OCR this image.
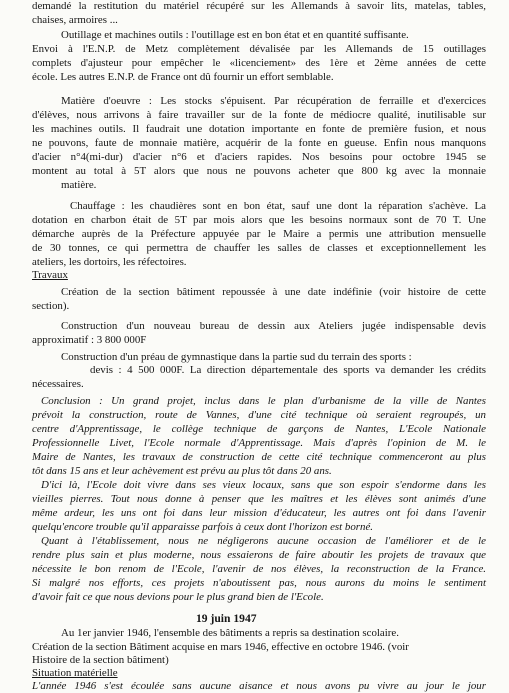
demandé la restitution du matériel récupéré sur les Allemands à savoir lits, matelas, tables,
chaises, armoires ...
Outillage et machines outils : l'outillage est en bon état et en quantité suffisante.
Envoi à l'E.N.P. de Metz complètement dévalisée par les Allemands de 15 outillages
complets d'ajusteur pour empêcher le «licenciement» des 1ère et 2ème années de cette
école. Les autres E.N.P. de France ont dû fournir un effort semblable.
Matière d'oeuvre : Les stocks s'épuisent. Par récupération de ferraille et d'exercices
d'élèves, nous arrivons à faire travailler sur de la fonte de médiocre qualité, inutilisable sur
les machines outils. Il faudrait une dotation importante en fonte de première fusion, et nous
ne pouvons, faute de monnaie matière, acquérir de la fonte en gueuse. Enfin nous manquons
d'acier n°4(mi-dur) d'acier n°6 et d'aciers rapides. Nos besoins pour octobre 1945 se
montent au total à 5T alors que nous ne pouvons acheter que 800 kg avec la monnaie
matière.
Chauffage : les chaudières sont en bon état, sauf une dont la réparation s'achève. La
dotation en charbon était de 5T par mois alors que les besoins normaux sont de 70 T. Une
démarche auprès de la Préfecture appuyée par le Maire a permis une attribution mensuelle
de 30 tonnes, ce qui permettra de chauffer les salles de classes et exceptionnellement les
ateliers, les dortoirs, les réfectoires.
Travaux
Création de la section bâtiment repoussée à une date indéfinie (voir histoire de cette
section).
Construction d'un nouveau bureau de dessin aux Ateliers jugée indispensable devis
approximatif : 3 800 000F
Construction d'un préau de gymnastique dans la partie sud du terrain des sports :
devis : 4 500 000F. La direction départementale des sports va demander les crédits
nécessaires.
Conclusion : Un grand projet, inclus dans le plan d'urbanisme de la ville de Nantes
prévoit la construction, route de Vannes, d'une cité technique où seraient regroupés, un
centre d'Apprentissage, le collège technique de garçons de Nantes, L'Ecole Nationale
Professionnelle Livet, l'Ecole normale d'Apprentissage. Mais d'après l'opinion de M. le
Maire de Nantes, les travaux de construction de cette cité technique commenceront au plus
tôt dans 15 ans et leur achèvement est prévu au plus tôt dans 20 ans.
D'ici là, l'Ecole doit vivre dans ses vieux locaux, sans que son espoir s'endorme dans les
vieilles pierres. Tout nous donne à penser que les maîtres et les élèves sont animés d'une
même ardeur, les uns ont foi dans leur mission d'éducateur, les autres ont foi dans l'avenir
quelqu'encore trouble qu'il apparaisse parfois à ceux dont l'horizon est borné.
Quant à l'établissement, nous ne négligerons aucune occasion de l'améliorer et de le
rendre plus sain et plus moderne, nous essaierons de faire aboutir les projets de travaux que
nécessite le bon renom de l'Ecole, l'avenir de nos élèves, la reconstruction de la France.
Si malgré nos efforts, ces projets n'aboutissent pas, nous aurons du moins le sentiment
d'avoir fait ce que nous devions pour le plus grand bien de l'Ecole.
19 juin 1947
Au 1er janvier 1946, l'ensemble des bâtiments a repris sa destination scolaire.
Création de la section Bâtiment acquise en mars 1946, effective en octobre 1946. (voir
Histoire de la section bâtiment)
Situation matérielle
L'année 1946 s'est écoulée sans aucune aisance et nous avons pu vivre au jour le jour
